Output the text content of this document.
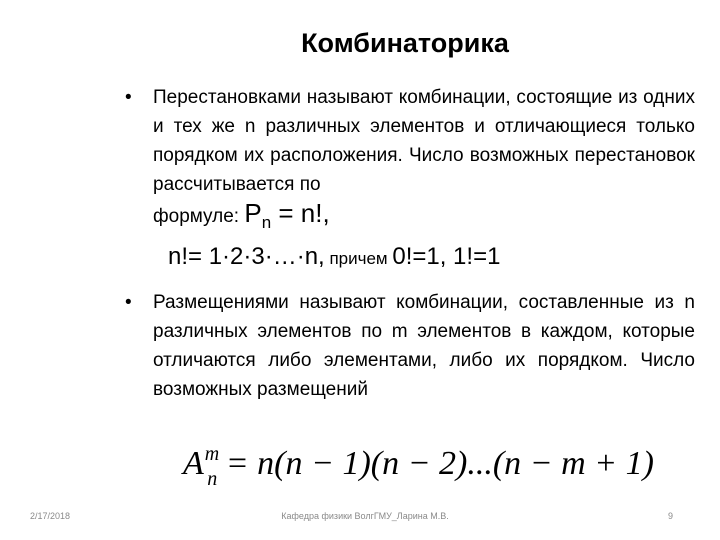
Комбинаторика
• Перестановками называют комбинации, состоящие из одних и тех же n различных элементов и отличающиеся только порядком их расположения. Число возможных перестановок рассчитывается по
формуле: $P_n = n$!,
n!= 1·2·3·…·n, причем 0!=1, 1!=1
• Размещениями называют комбинации, составленные из n различных элементов по m элементов в каждом, которые отличаются либо элементами, либо их порядком. Число возможных размещений
$A^m_n = n(n - 1)(n - 2)...(n - m + 1)$
2/17/2018	Кафедра физики ВолгГМУ_Ларина М.В.	9
